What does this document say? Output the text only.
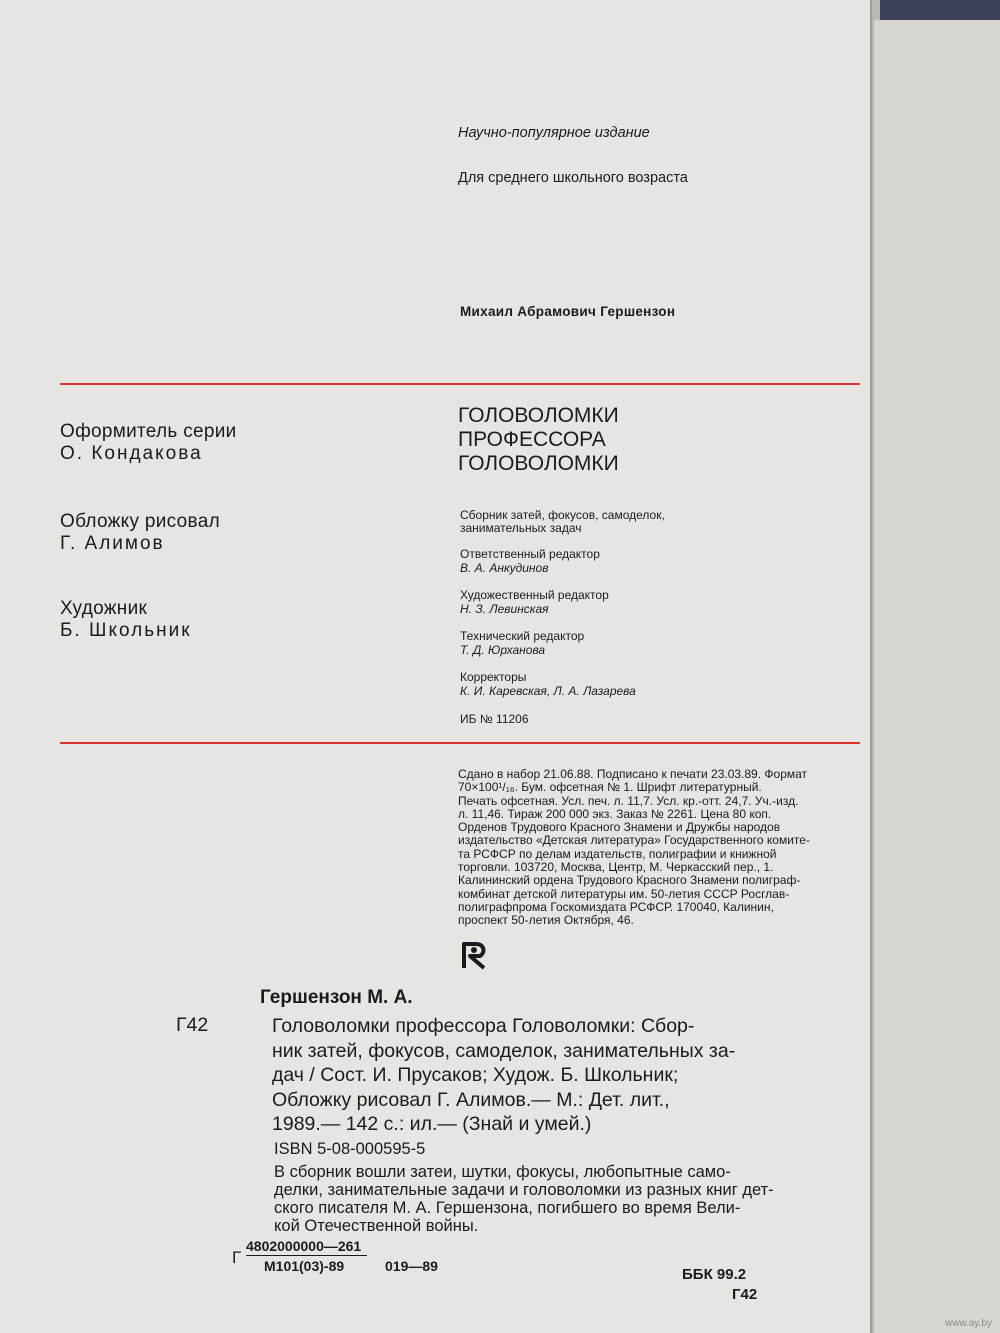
Научно-популярное издание
Для среднего школьного возраста
Михаил Абрамович Гершензон
Оформитель серии
О. Кондакова
Обложку рисовал
Г. Алимов
Художник
Б. Школьник
ГОЛОВОЛОМКИ
ПРОФЕССОРА
ГОЛОВОЛОМКИ
Сборник затей, фокусов, самоделок,
занимательных задач
Ответственный редактор
В. А. Анкудинов
Художественный редактор
Н. З. Левинская
Технический редактор
Т. Д. Юрханова
Корректоры
К. И. Каревская, Л. А. Лазарева
ИБ № 11206
Сдано в набор 21.06.88. Подписано к печати 23.03.89. Формат
70×100¹/₁₆. Бум. офсетная № 1. Шрифт литературный.
Печать офсетная. Усл. печ. л. 11,7. Усл. кр.-отт. 24,7. Уч.-изд.
л. 11,46. Тираж 200 000 экз. Заказ № 2261. Цена 80 коп.
Орденов Трудового Красного Знамени и Дружбы народов
издательство «Детская литература» Государственного комите-
та РСФСР по делам издательств, полиграфии и книжной
торговли. 103720, Москва, Центр, М. Черкасский пер., 1.
Калининский ордена Трудового Красного Знамени полиграф-
комбинат детской литературы им. 50-летия СССР Росглав-
полиграфпрома Госкомиздата РСФСР. 170040, Калинин,
проспект 50-летия Октября, 46.
Гершензон М. А.
Г42	Головоломки профессора Головоломки: Сбор-
ник затей, фокусов, самоделок, занимательных за-
дач / Сост. И. Прусаков; Худож. Б. Школьник;
Обложку рисовал Г. Алимов.— М.: Дет. лит.,
1989.— 142 с.: ил.— (Знай и умей.)
ISBN 5-08-000595-5
В сборник вошли затеи, шутки, фокусы, любопытные само-
делки, занимательные задачи и головоломки из разных книг дет-
ского писателя М. А. Гершензона, погибшего во время Вели-
кой Отечественной войны.
Г
4802000000—261
М101(03)-89	019—89	ББК 99.2
Г42
www.ay.by
